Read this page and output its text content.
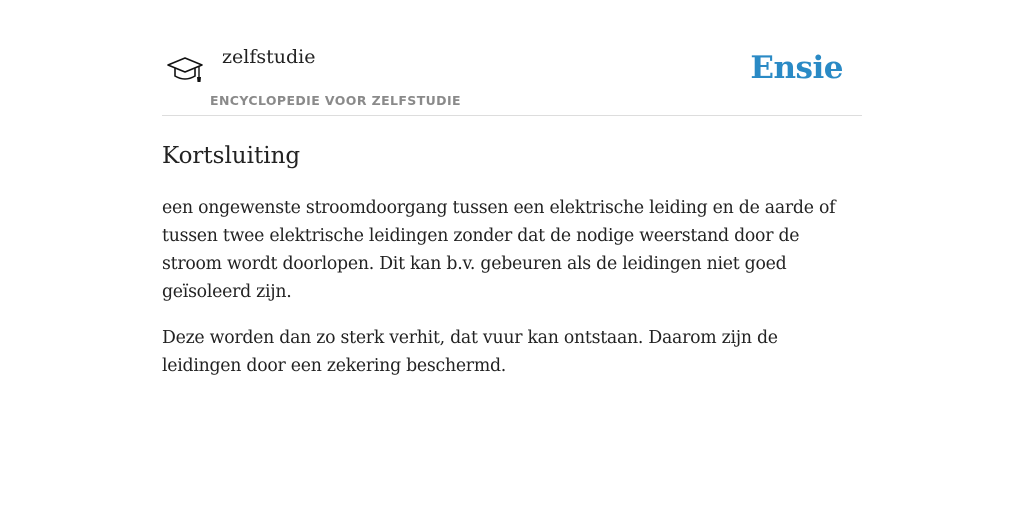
zelfstudie
ENCYCLOPEDIE VOOR ZELFSTUDIE
Ensie
Kortsluiting

een ongewenste stroomdoorgang tussen een elektrische leiding en de aarde of tussen twee elektrische leidingen zonder dat de nodige weerstand door de stroom wordt doorlopen. Dit kan b.v. gebeuren als de leidingen niet goed geïsoleerd zijn.

Deze worden dan zo sterk verhit, dat vuur kan ontstaan. Daarom zijn de leidingen door een zekering beschermd.
